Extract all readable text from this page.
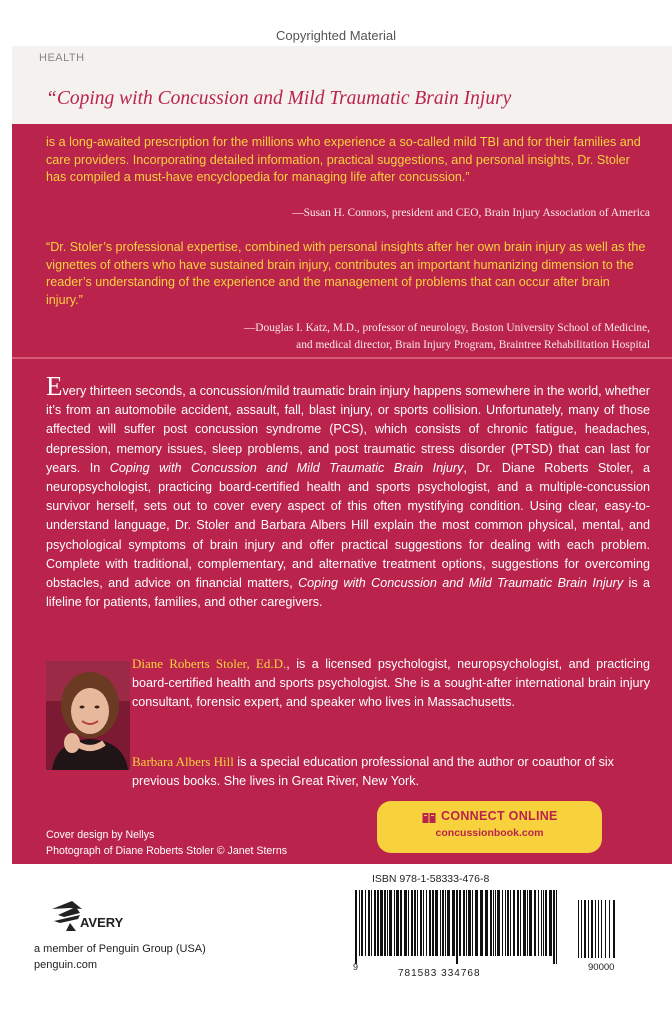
Copyrighted Material
HEALTH
“Coping with Concussion and Mild Traumatic Brain Injury
is a long-awaited prescription for the millions who experience a so-called mild TBI and for their families and care providers. Incorporating detailed information, practical suggestions, and personal insights, Dr. Stoler has compiled a must-have encyclopedia for managing life after concussion.”
—Susan H. Connors, president and CEO, Brain Injury Association of America
“Dr. Stoler’s professional expertise, combined with personal insights after her own brain injury as well as the vignettes of others who have sustained brain injury, contributes an important humanizing dimension to the reader’s understanding of the experience and the management of problems that can occur after brain injury.”
—Douglas I. Katz, M.D., professor of neurology, Boston University School of Medicine,
and medical director, Brain Injury Program, Braintree Rehabilitation Hospital
Every thirteen seconds, a concussion/mild traumatic brain injury happens somewhere in the world, whether it’s from an automobile accident, assault, fall, blast injury, or sports collision. Unfortunately, many of those affected will suffer post concussion syndrome (PCS), which consists of chronic fatigue, headaches, depression, memory issues, sleep problems, and post traumatic stress disorder (PTSD) that can last for years. In Coping with Concussion and Mild Traumatic Brain Injury, Dr. Diane Roberts Stoler, a neuropsychologist, practicing board-certified health and sports psychologist, and a multiple-concussion survivor herself, sets out to cover every aspect of this often mystifying condition. Using clear, easy-to-understand language, Dr. Stoler and Barbara Albers Hill explain the most common physical, mental, and psychological symptoms of brain injury and offer practical suggestions for dealing with each problem. Complete with traditional, complementary, and alternative treatment options, suggestions for overcoming obstacles, and advice on financial matters, Coping with Concussion and Mild Traumatic Brain Injury is a lifeline for patients, families, and other caregivers.
Diane Roberts Stoler, Ed.D., is a licensed psychologist, neuropsychologist, and practicing board-certified health and sports psychologist. She is a sought-after international brain injury consultant, forensic expert, and speaker who lives in Massachusetts.
Barbara Albers Hill is a special education professional and the author or coauthor of six previous books. She lives in Great River, New York.
CONNECT ONLINE
concussionbook.com
Cover design by Nellys
Photograph of Diane Roberts Stoler © Janet Sterns
ISBN 978-1-58333-476-8
9
781583 334768
90000
AVERY
a member of Penguin Group (USA)
penguin.com
